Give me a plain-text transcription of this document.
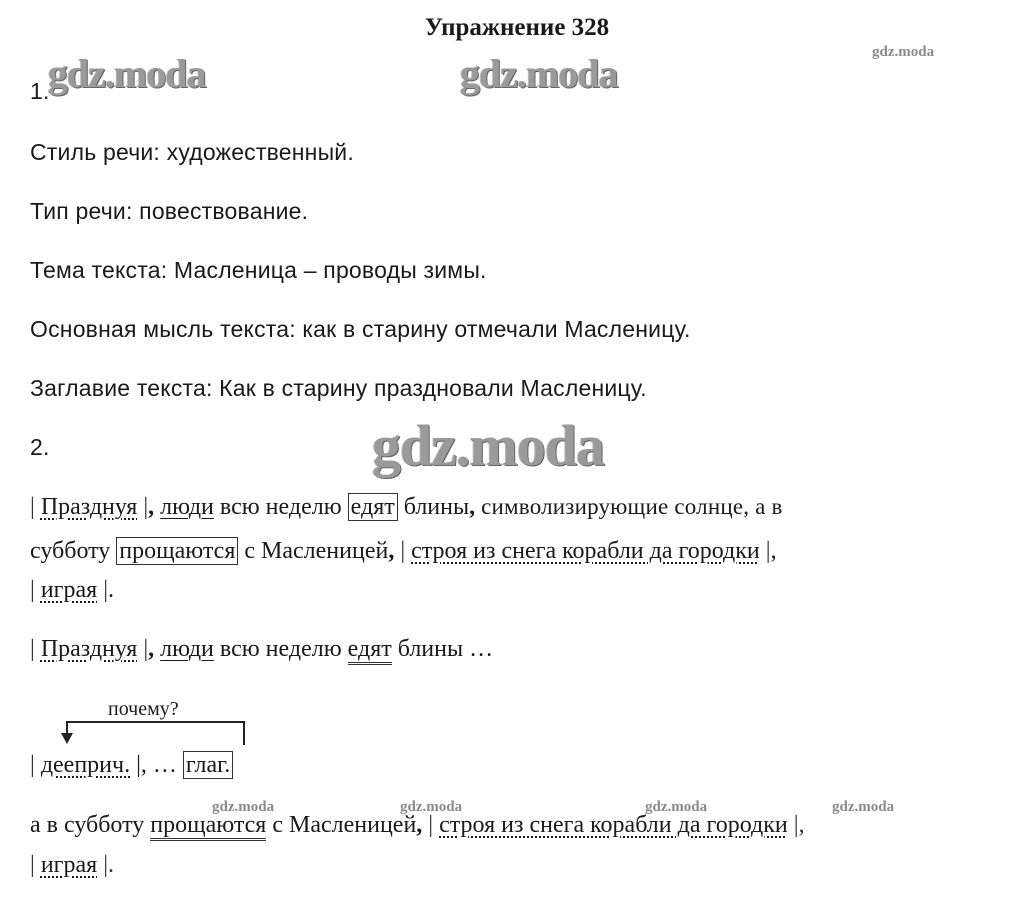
Упражнение 328
gdz.moda	gdz.moda	gdz.moda
gdz.moda
gdz.moda	gdz.moda	gdz.moda	gdz.moda
1.
Стиль речи: художественный.
Тип речи: повествование.
Тема текста: Масленица – проводы зимы.
Основная мысль текста: как в старину отмечали Масленицу.
Заглавие текста: Как в старину праздновали Масленицу.
2.
| Празднуя |, люди всю неделю едят блины, символизирующие солнце, а в
субботу прощаются с Масленицей, | строя из снега корабли да городки |,
| играя |.
| Празднуя |, люди всю неделю едят блины …
почему?
| дееприч. |, … глаг.
а в субботу прощаются с Масленицей, | строя из снега корабли да городки |,
| играя |.
